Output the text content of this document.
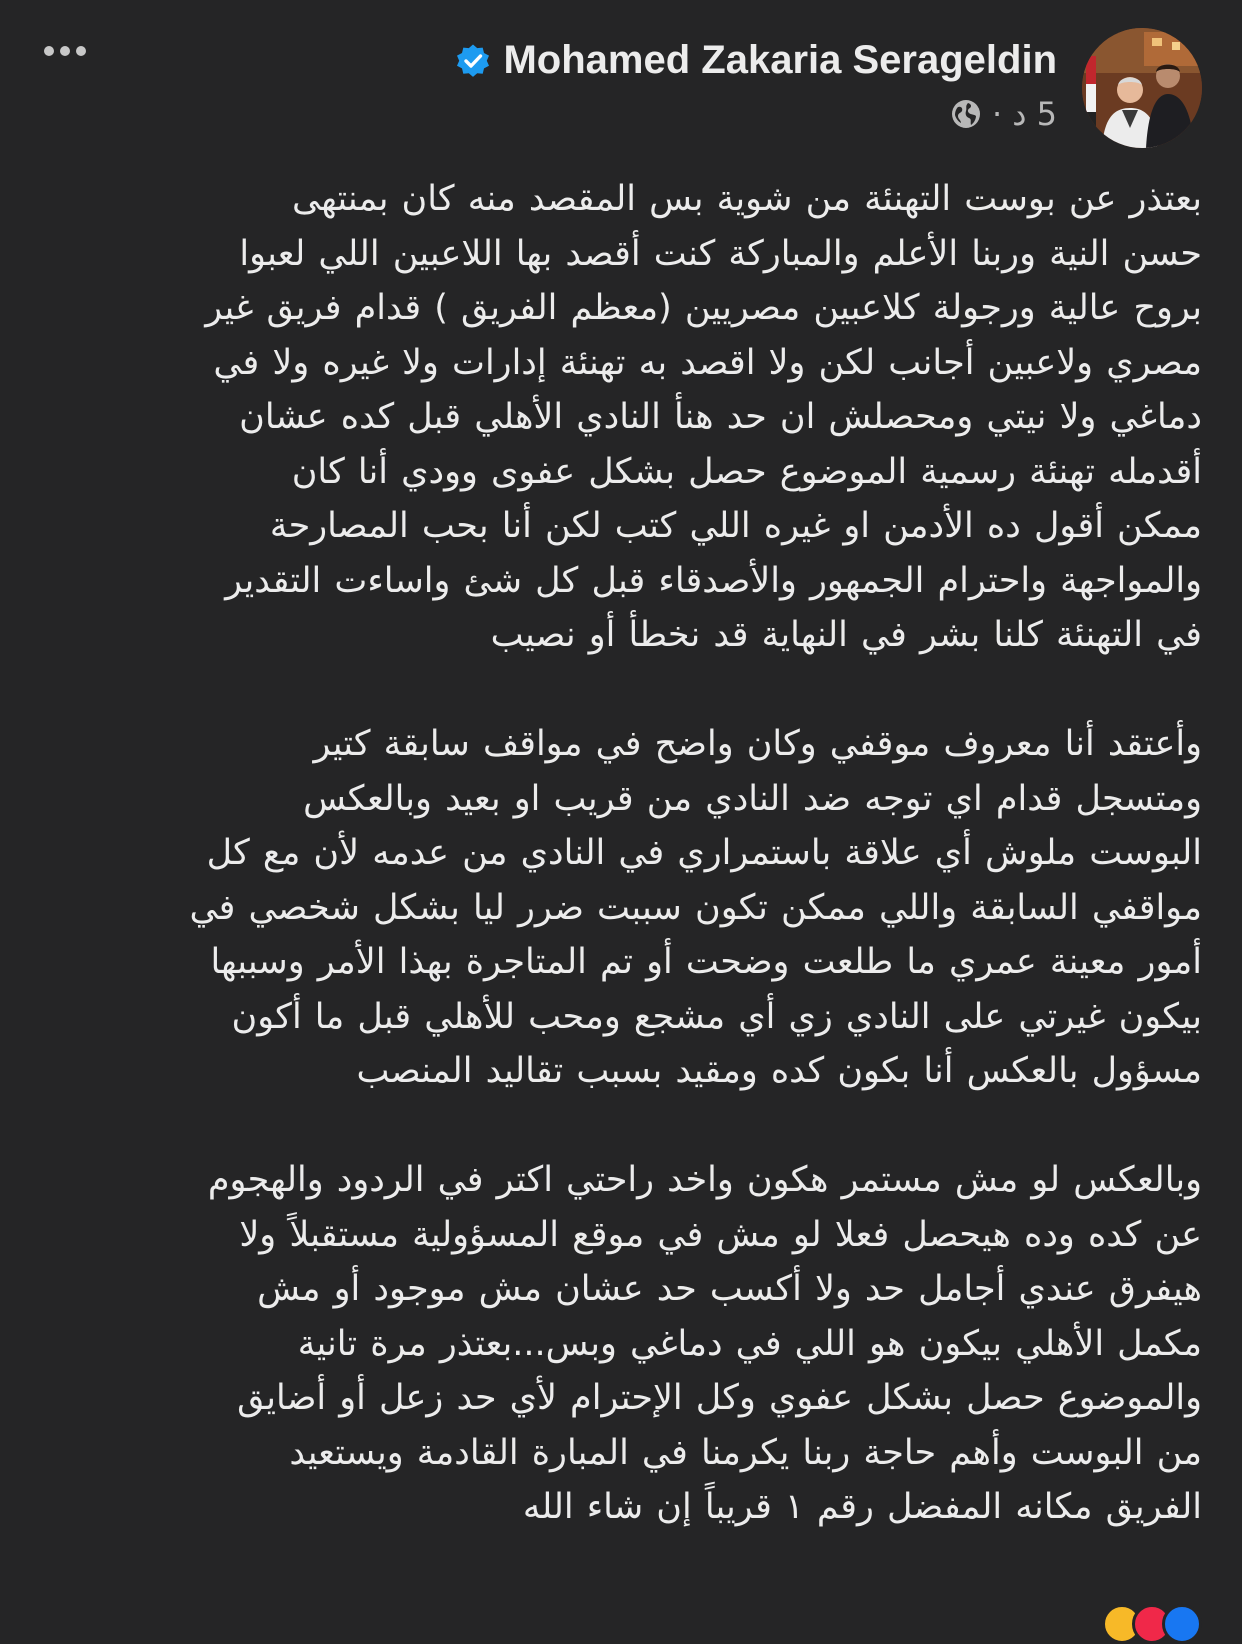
Mohamed Zakaria Serageldin
· 5 د

بعتذر عن بوست التهنئة من شوية بس المقصد منه كان بمنتهى

حسن النية وربنا الأعلم والمباركة كنت أقصد بها اللاعبين اللي لعبوا

بروح عالية ورجولة كلاعبين مصريين (معظم الفريق ) قدام فريق غير

مصري ولاعبين أجانب لكن ولا اقصد به تهنئة إدارات ولا غيره ولا في

دماغي ولا نيتي ومحصلش ان حد هنأ النادي الأهلي قبل كده عشان

أقدمله تهنئة رسمية الموضوع حصل بشكل عفوى وودي أنا كان

ممكن أقول ده الأدمن او غيره اللي كتب لكن أنا بحب المصارحة

والمواجهة واحترام الجمهور والأصدقاء قبل كل شئ واساءت التقدير

في التهنئة كلنا بشر في النهاية قد نخطأ أو نصيب

وأعتقد أنا معروف موقفي وكان واضح في مواقف سابقة كتير

ومتسجل قدام اي توجه ضد النادي من قريب او بعيد وبالعكس

البوست ملوش أي علاقة باستمراري في النادي من عدمه لأن مع كل

مواقفي السابقة واللي ممكن تكون سببت ضرر ليا بشكل شخصي في

أمور معينة عمري ما طلعت وضحت أو تم المتاجرة بهذا الأمر وسببها

بيكون غيرتي على النادي زي أي مشجع ومحب للأهلي قبل ما أكون

مسؤول بالعكس أنا بكون كده ومقيد بسبب تقاليد المنصب

وبالعكس لو مش مستمر هكون واخد راحتي اكتر في الردود والهجوم

عن كده وده هيحصل فعلا لو مش في موقع المسؤولية مستقبلاً ولا

هيفرق عندي أجامل حد ولا أكسب حد عشان مش موجود أو مش

مكمل الأهلي بيكون هو اللي في دماغي وبس...بعتذر مرة تانية

والموضوع حصل بشكل عفوي وكل الإحترام لأي حد زعل أو أضايق

من البوست وأهم حاجة ربنا يكرمنا في المبارة القادمة ويستعيد

الفريق مكانه المفضل رقم ١ قريباً إن شاء الله
